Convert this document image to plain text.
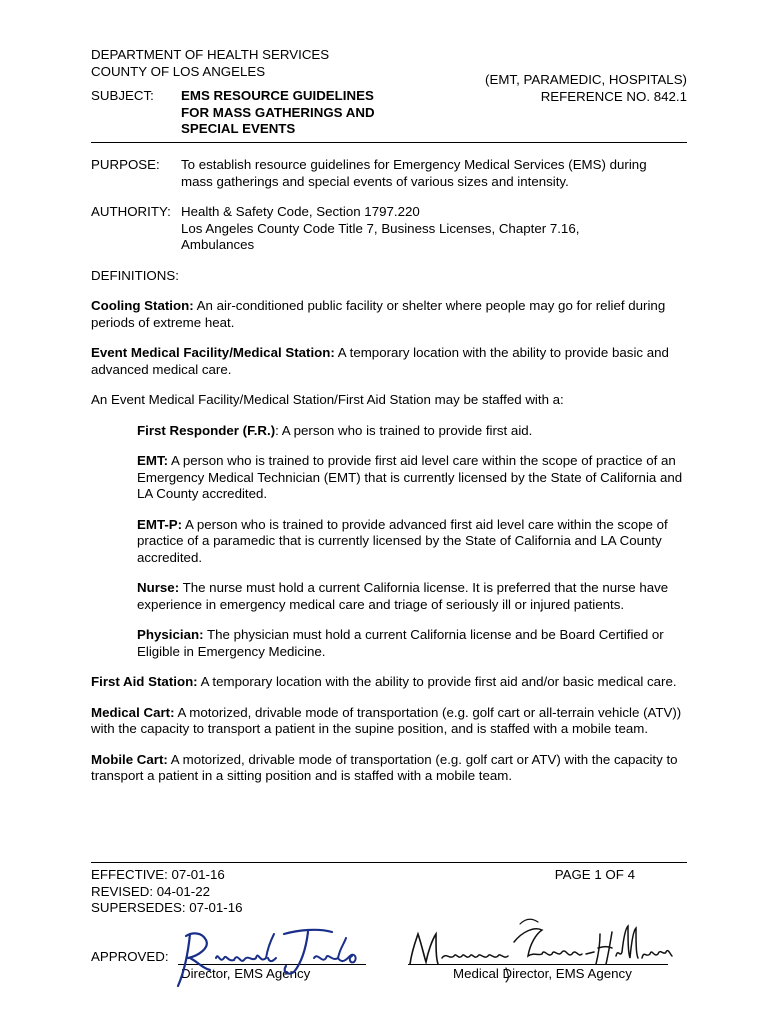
DEPARTMENT OF HEALTH SERVICES
COUNTY OF LOS ANGELES
SUBJECT: EMS RESOURCE GUIDELINES
FOR MASS GATHERINGS AND
SPECIAL EVENTS
(EMT, PARAMEDIC, HOSPITALS)
REFERENCE NO. 842.1
PURPOSE: To establish resource guidelines for Emergency Medical Services (EMS) during
mass gatherings and special events of various sizes and intensity.
AUTHORITY: Health & Safety Code, Section 1797.220
Los Angeles County Code Title 7, Business Licenses, Chapter 7.16,
Ambulances
DEFINITIONS:

Cooling Station: An air-conditioned public facility or shelter where people may go for relief during periods of extreme heat.

Event Medical Facility/Medical Station: A temporary location with the ability to provide basic and advanced medical care.

An Event Medical Facility/Medical Station/First Aid Station may be staffed with a:

First Responder (F.R.): A person who is trained to provide first aid.

EMT: A person who is trained to provide first aid level care within the scope of practice of an Emergency Medical Technician (EMT) that is currently licensed by the State of California and LA County accredited.

EMT-P: A person who is trained to provide advanced first aid level care within the scope of practice of a paramedic that is currently licensed by the State of California and LA County accredited.

Nurse: The nurse must hold a current California license. It is preferred that the nurse have experience in emergency medical care and triage of seriously ill or injured patients.

Physician: The physician must hold a current California license and be Board Certified or Eligible in Emergency Medicine.

First Aid Station: A temporary location with the ability to provide first aid and/or basic medical care.

Medical Cart: A motorized, drivable mode of transportation (e.g. golf cart or all-terrain vehicle (ATV)) with the capacity to transport a patient in the supine position, and is staffed with a mobile team.

Mobile Cart: A motorized, drivable mode of transportation (e.g. golf cart or ATV) with the capacity to transport a patient in a sitting position and is staffed with a mobile team.

EFFECTIVE: 07-01-16
REVISED: 04-01-22
SUPERSEDES: 07-01-16
PAGE 1 OF 4
APPROVED:
Director, EMS Agency	Medical Director, EMS Agency
